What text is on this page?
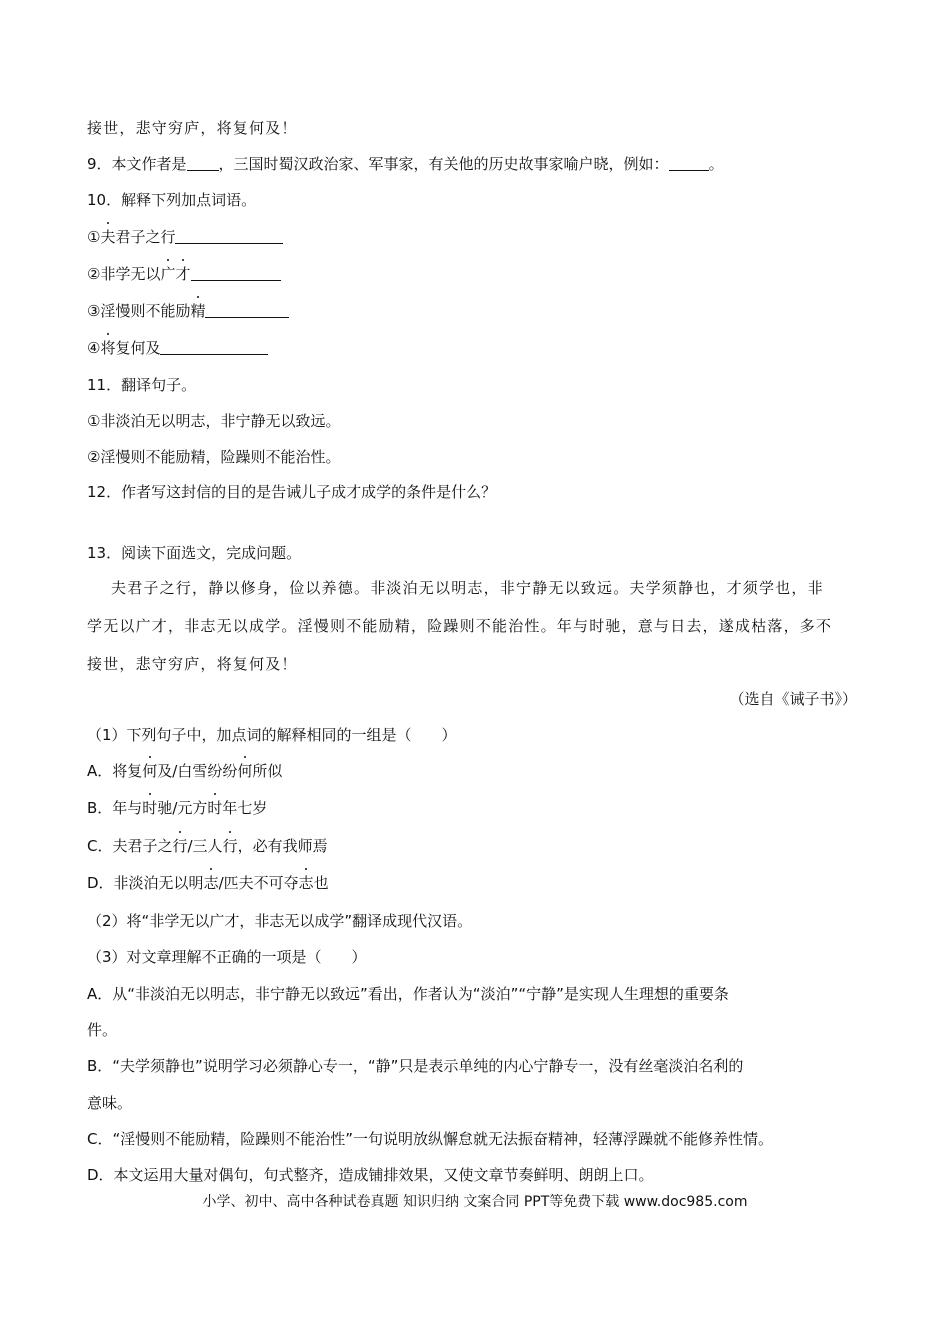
接世，悲守穷庐，将复何及！
9．本文作者是 ，三国时蜀汉政治家、军事家，有关他的历史故事家喻户晓，例如：	。
10．解释下列加点词语。
①夫君子之行
②非学无以广才
③淫慢则不能励精
④将复何及
11．翻译句子。
①非淡泊无以明志，非宁静无以致远。
②淫慢则不能励精，险躁则不能治性。
12．作者写这封信的目的是告诫儿子成才成学的条件是什么？
13．阅读下面选文，完成问题。
夫君子之行，静以修身，俭以养德。非淡泊无以明志，非宁静无以致远。夫学须静也，才须学也，非
学无以广才，非志无以成学。淫慢则不能励精，险躁则不能治性。年与时驰，意与日去，遂成枯落，多不
接世，悲守穷庐，将复何及！
（选自《诫子书》）
（1）下列句子中，加点词的解释相同的一组是（　　）
A．将复何及/白雪纷纷何所似
B．年与时驰/元方时年七岁
C．夫君子之行/三人行，必有我师焉
D．非淡泊无以明志/匹夫不可夺志也
（2）将“非学无以广才，非志无以成学”翻译成现代汉语。
（3）对文章理解不正确的一项是（　　）
A．从“非淡泊无以明志，非宁静无以致远”看出，作者认为“淡泊”“宁静”是实现人生理想的重要条
件。
B．“夫学须静也”说明学习必须静心专一，“静”只是表示单纯的内心宁静专一，没有丝毫淡泊名利的
意味。
C．“淫慢则不能励精，险躁则不能治性”一句说明放纵懈怠就无法振奋精神，轻薄浮躁就不能修养性情。
D．本文运用大量对偶句，句式整齐，造成铺排效果，又使文章节奏鲜明、朗朗上口。
小学、初中、高中各种试卷真题 知识归纳 文案合同 PPT等免费下载 www.doc985.com
